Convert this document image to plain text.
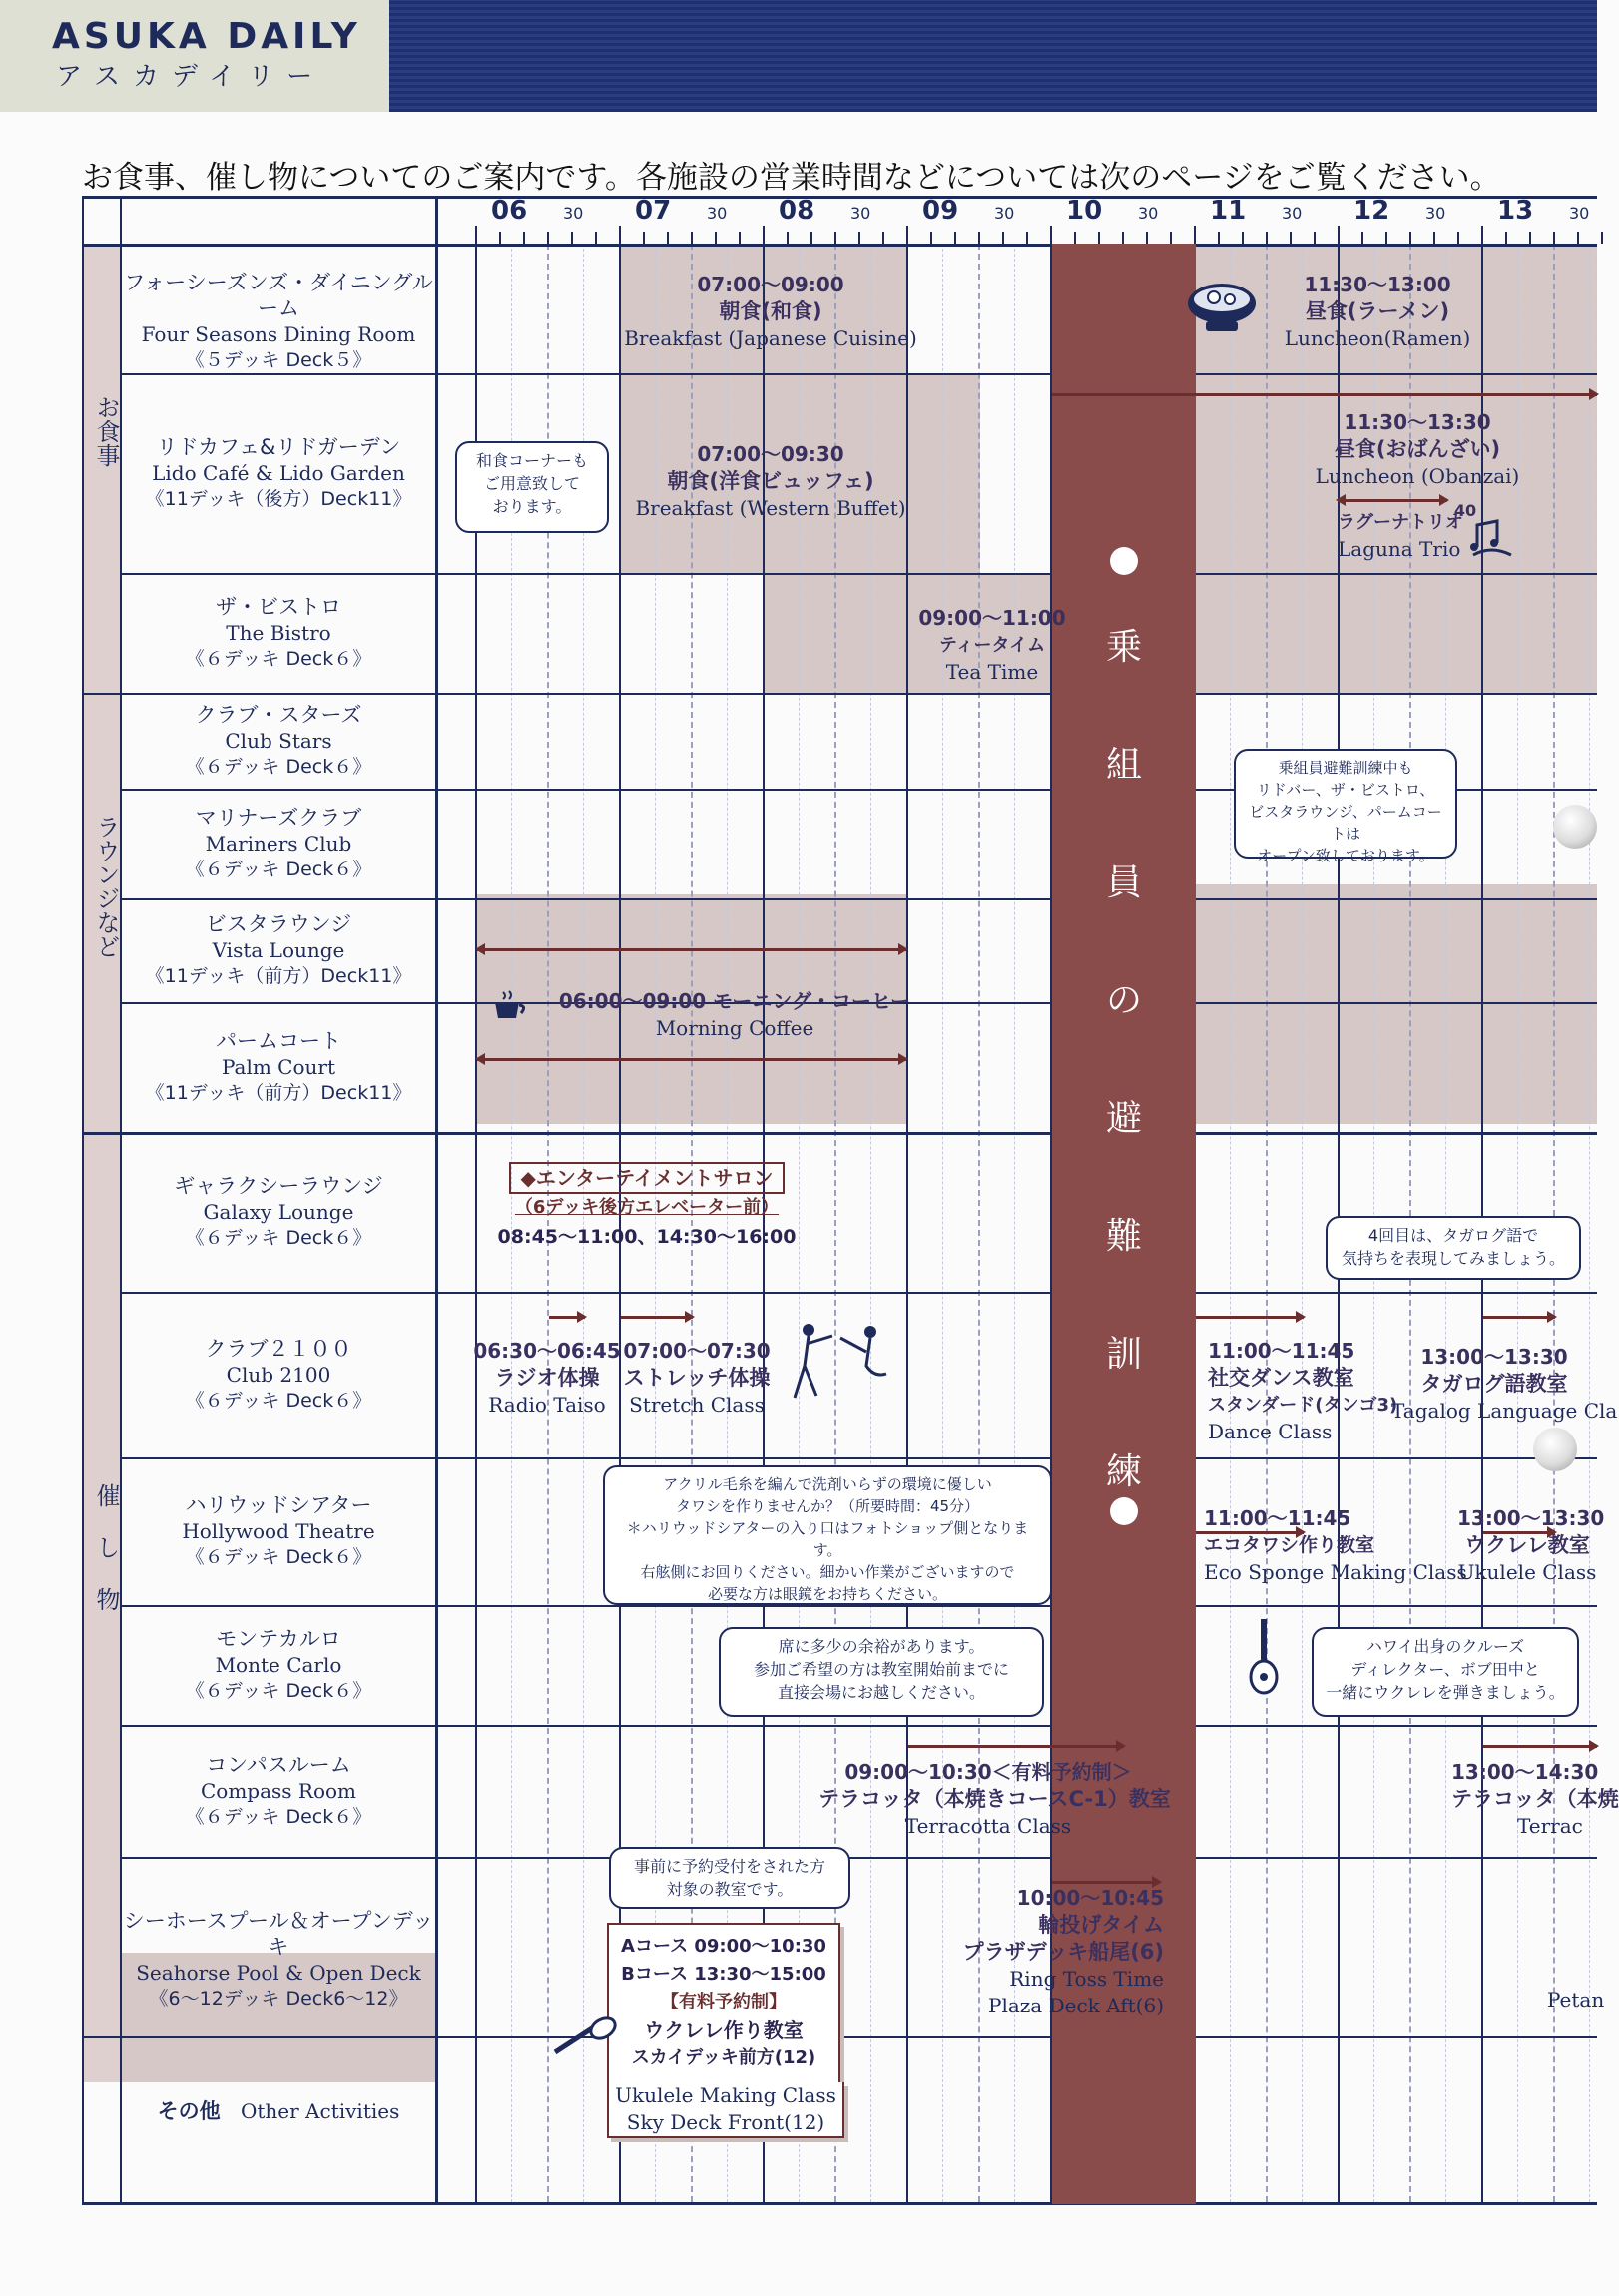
ASUKA DAILY
アスカデイリー
お食事、催し物についてのご案内です。各施設の営業時間などについては次のページをご覧ください。
お食事
ラウンジなど
催し物
フォーシーズンズ・ダイニングルーム
Four Seasons Dining Room
《５デッキ Deck５》
リドカフェ&リドガーデン
Lido Café & Lido Garden
《11デッキ（後方）Deck11》
ザ・ビストロ
The Bistro
《６デッキ Deck６》
クラブ・スターズ
Club Stars
《６デッキ Deck６》
マリナーズクラブ
Mariners Club
《６デッキ Deck６》
ビスタラウンジ
Vista Lounge
《11デッキ（前方）Deck11》
パームコート
Palm Court
《11デッキ（前方）Deck11》
ギャラクシーラウンジ
Galaxy Lounge
《６デッキ Deck６》
クラブ２１００
Club 2100
《６デッキ Deck６》
ハリウッドシアター
Hollywood Theatre
《６デッキ Deck６》
モンテカルロ
Monte Carlo
《６デッキ Deck６》
コンパスルーム
Compass Room
《６デッキ Deck６》
シーホースプール＆オープンデッキ
Seahorse Pool & Open Deck
《6～12デッキ Deck6～12》
その他 Other Activities
06 30 07 30 08 30 09 30 10 30 11 30 12 30 13 30
乗
組
員
の
避
難
訓
練
07:00～09:00
朝食(和食)
Breakfast (Japanese Cuisine)
11:30～13:00
昼食(ラーメン)
Luncheon(Ramen)
07:00～09:30
朝食(洋食ビュッフェ)
Breakfast (Western Buffet)
11:30～13:30
昼食(おばんざい)
Luncheon (Obanzai)
ラグーナトリオ
Laguna Trio
40
09:00～11:00
ティータイム
Tea Time
06:00～09:00 モーニング・コーヒー
Morning Coffee
◆エンターテイメントサロン
（6デッキ後方エレベーター前）
08:45～11:00、14:30～16:00
06:30～06:45
ラジオ体操
Radio Taiso
07:00～07:30
ストレッチ体操
Stretch Class
11:00～11:45
社交ダンス教室
スタンダード(タンゴ3)
Dance Class
13:00～13:30
タガログ語教室
Tagalog Language Cla
11:00～11:45
エコタワシ作り教室
Eco Sponge Making Class
13:00～13:30
ウクレレ教室
Ukulele Class
09:00～10:30＜有料予約制＞
テラコッタ（本焼きコースC-1）教室
Terracotta Class
13:00～14:30
テラコッタ（本焼
Terrac
10:00～10:45
輪投げタイム
プラザデッキ船尾(6)
Ring Toss Time
Plaza Deck Aft(6)	Petan
Aコース 09:00～10:30
Bコース 13:30～15:00
【有料予約制】
ウクレレ作り教室
スカイデッキ前方(12)
Ukulele Making Class
Sky Deck Front(12)
和食コーナーも
ご用意致して
おります。
乗組員避難訓練中も
リドバー、ザ・ビストロ、
ビスタラウンジ、パームコートは
オープン致しております。
4回目は、タガログ語で
気持ちを表現してみましょう。
アクリル毛糸を編んで洗剤いらずの環境に優しい
タワシを作りませんか？（所要時間：45分）
＊ハリウッドシアターの入り口はフォトショップ側となります。
右舷側にお回りください。細かい作業がございますので
必要な方は眼鏡をお持ちください。
席に多少の余裕があります。
参加ご希望の方は教室開始前までに
直接会場にお越しください。
ハワイ出身のクルーズ
ディレクター、ボブ田中と
一緒にウクレレを弾きましょう。
事前に予約受付をされた方
対象の教室です。
